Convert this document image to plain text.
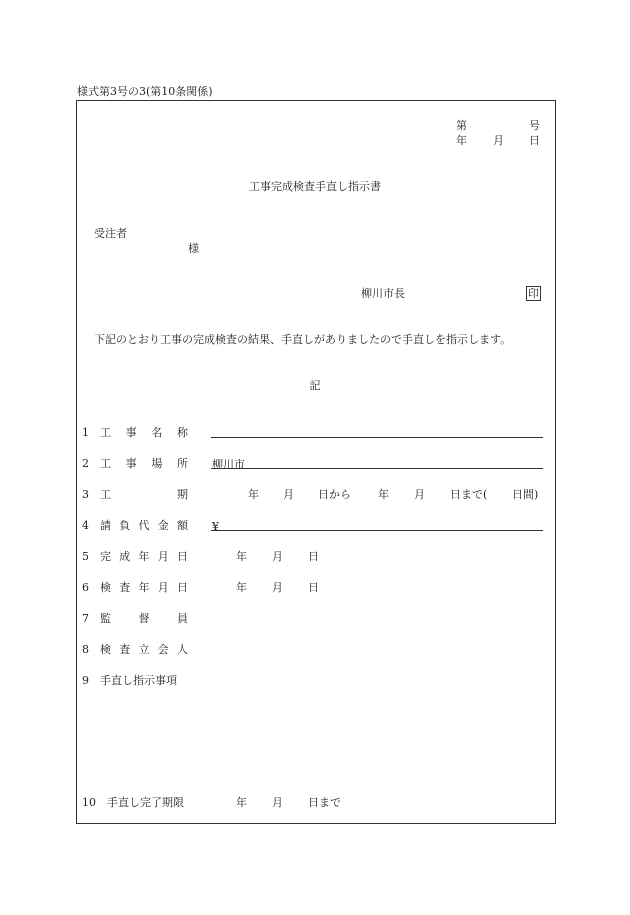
様式第3号の3(第10条関係)
第	号
年 月 日
工事完成検査手直し指示書
受注者
様
柳川市長	印
下記のとおり工事の完成検査の結果、手直しがありましたので手直しを指示します。
記
1 工 事 名 称
2 工 事 場 所 柳川市
3 工	期	年 月 日から 年 月 日まで( 日間)
4 請 負 代 金 額 ¥
5 完 成 年 月 日	年 月 日
6 検 査 年 月 日	年 月 日
7 監	督	員
8 検 査 立 会 人
9 手直し指示事項
10 手直し完了期限	年 月 日まで
